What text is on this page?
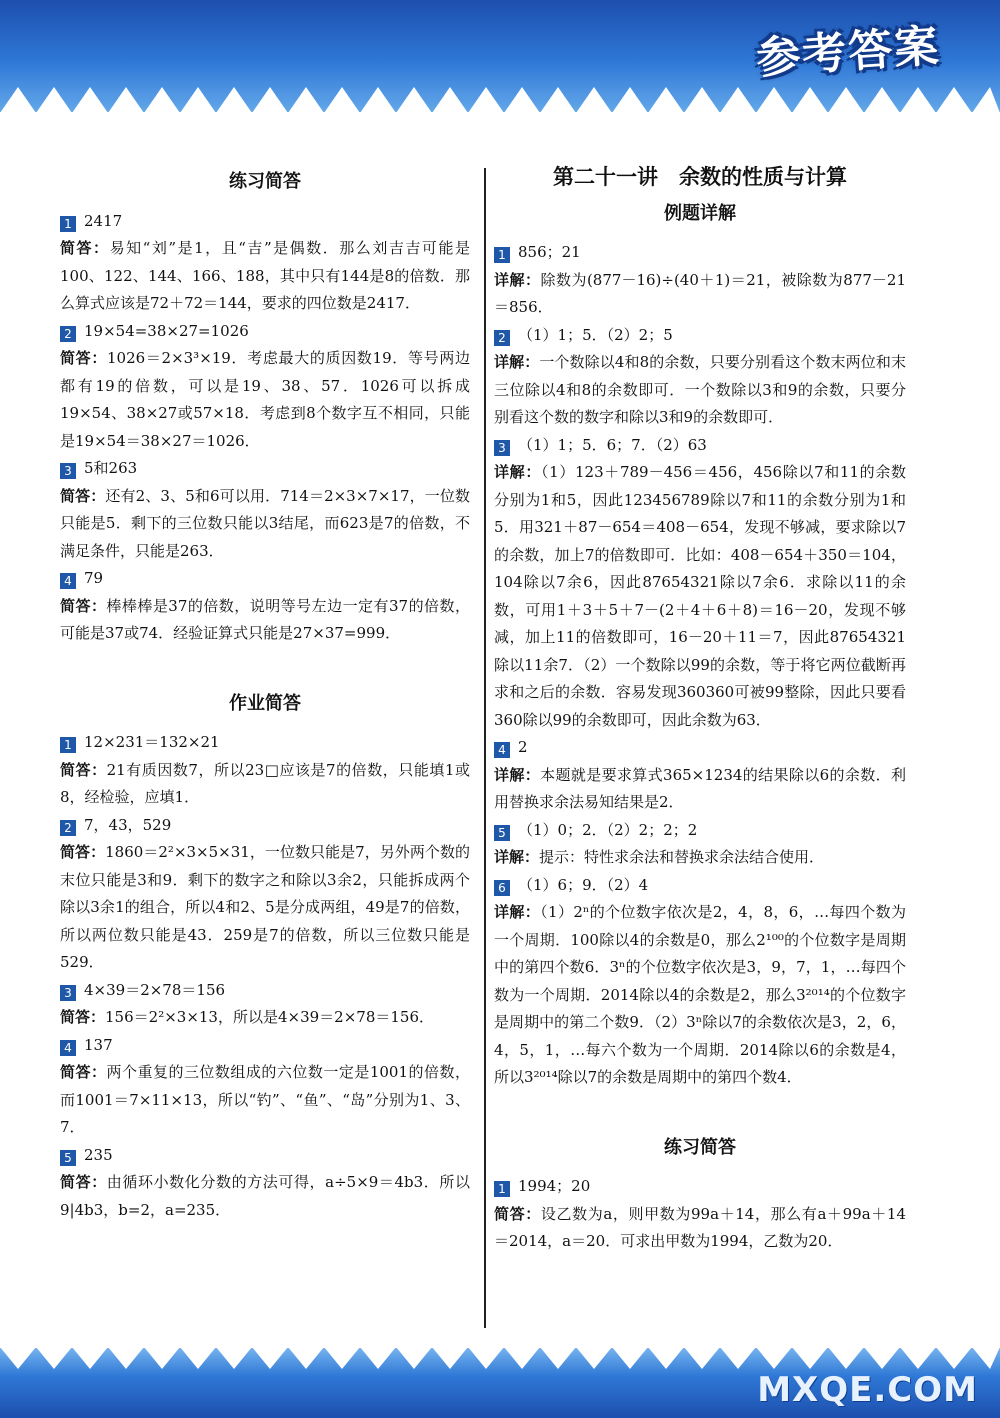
参考答案
练习简答

1 2417

简答：易知“刘”是1，且“吉”是偶数．那么刘吉吉可能是100、122、144、166、188，其中只有144是8的倍数．那么算式应该是72＋72＝144，要求的四位数是2417．

2 19×54=38×27=1026

简答：1026＝2×3³×19．考虑最大的质因数19．等号两边都有19的倍数，可以是19、38、57．1026可以拆成19×54、38×27或57×18．考虑到8个数字互不相同，只能是19×54＝38×27＝1026．

3 5和263

简答：还有2、3、5和6可以用．714＝2×3×7×17，一位数只能是5．剩下的三位数只能以3结尾，而623是7的倍数，不满足条件，只能是263．

4 79

简答：棒棒棒是37的倍数，说明等号左边一定有37的倍数，可能是37或74．经验证算式只能是27×37=999．

作业简答

1 12×231＝132×21

简答：21有质因数7，所以23□应该是7的倍数，只能填1或8，经检验，应填1．

2 7，43，529

简答：1860＝2²×3×5×31，一位数只能是7，另外两个数的末位只能是3和9．剩下的数字之和除以3余2，只能拆成两个除以3余1的组合，所以4和2、5是分成两组，49是7的倍数，所以两位数只能是43．259是7的倍数，所以三位数只能是529．

3 4×39＝2×78＝156

简答：156＝2²×3×13，所以是4×39＝2×78＝156．

4 137

简答：两个重复的三位数组成的六位数一定是1001的倍数，而1001＝7×11×13，所以“钓”、“鱼”、“岛”分别为1、3、7．

5 235

简答：由循环小数化分数的方法可得，a÷5×9＝4b3．所以9|4b3，b=2，a=235．

第二十一讲　余数的性质与计算
例题详解

1 856；21

详解：除数为(877－16)÷(40＋1)＝21，被除数为877－21＝856．

2 （1）1；5．（2）2；5

详解：一个数除以4和8的余数，只要分别看这个数末两位和末三位除以4和8的余数即可．一个数除以3和9的余数，只要分别看这个数的数字和除以3和9的余数即可．

3 （1）1；5．6；7．（2）63

详解：（1）123＋789－456＝456，456除以7和11的余数分别为1和5，因此123456789除以7和11的余数分别为1和5．用321＋87－654＝408－654，发现不够减，要求除以7的余数，加上7的倍数即可．比如：408－654＋350＝104，104除以7余6，因此87654321除以7余6．求除以11的余数，可用1＋3＋5＋7－(2＋4＋6＋8)＝16－20，发现不够减，加上11的倍数即可，16－20＋11＝7，因此87654321除以11余7．（2）一个数除以99的余数，等于将它两位截断再求和之后的余数．容易发现360360可被99整除，因此只要看360除以99的余数即可，因此余数为63．

4 2

详解：本题就是要求算式365×1234的结果除以6的余数．利用替换求余法易知结果是2．

5 （1）0；2．（2）2；2；2

详解：提示：特性求余法和替换求余法结合使用．

6 （1）6；9．（2）4

详解：（1）2ⁿ的个位数字依次是2，4，8，6，…每四个数为一个周期．100除以4的余数是0，那么2¹⁰⁰的个位数字是周期中的第四个数6．3ⁿ的个位数字依次是3，9，7，1，…每四个数为一个周期．2014除以4的余数是2，那么3²⁰¹⁴的个位数字是周期中的第二个数9．（2）3ⁿ除以7的余数依次是3，2，6，4，5，1，…每六个数为一个周期．2014除以6的余数是4，所以3²⁰¹⁴除以7的余数是周期中的第四个数4．

练习简答

1 1994；20

简答：设乙数为a，则甲数为99a＋14，那么有a＋99a＋14＝2014，a＝20．可求出甲数为1994，乙数为20．

MXQE.COM
